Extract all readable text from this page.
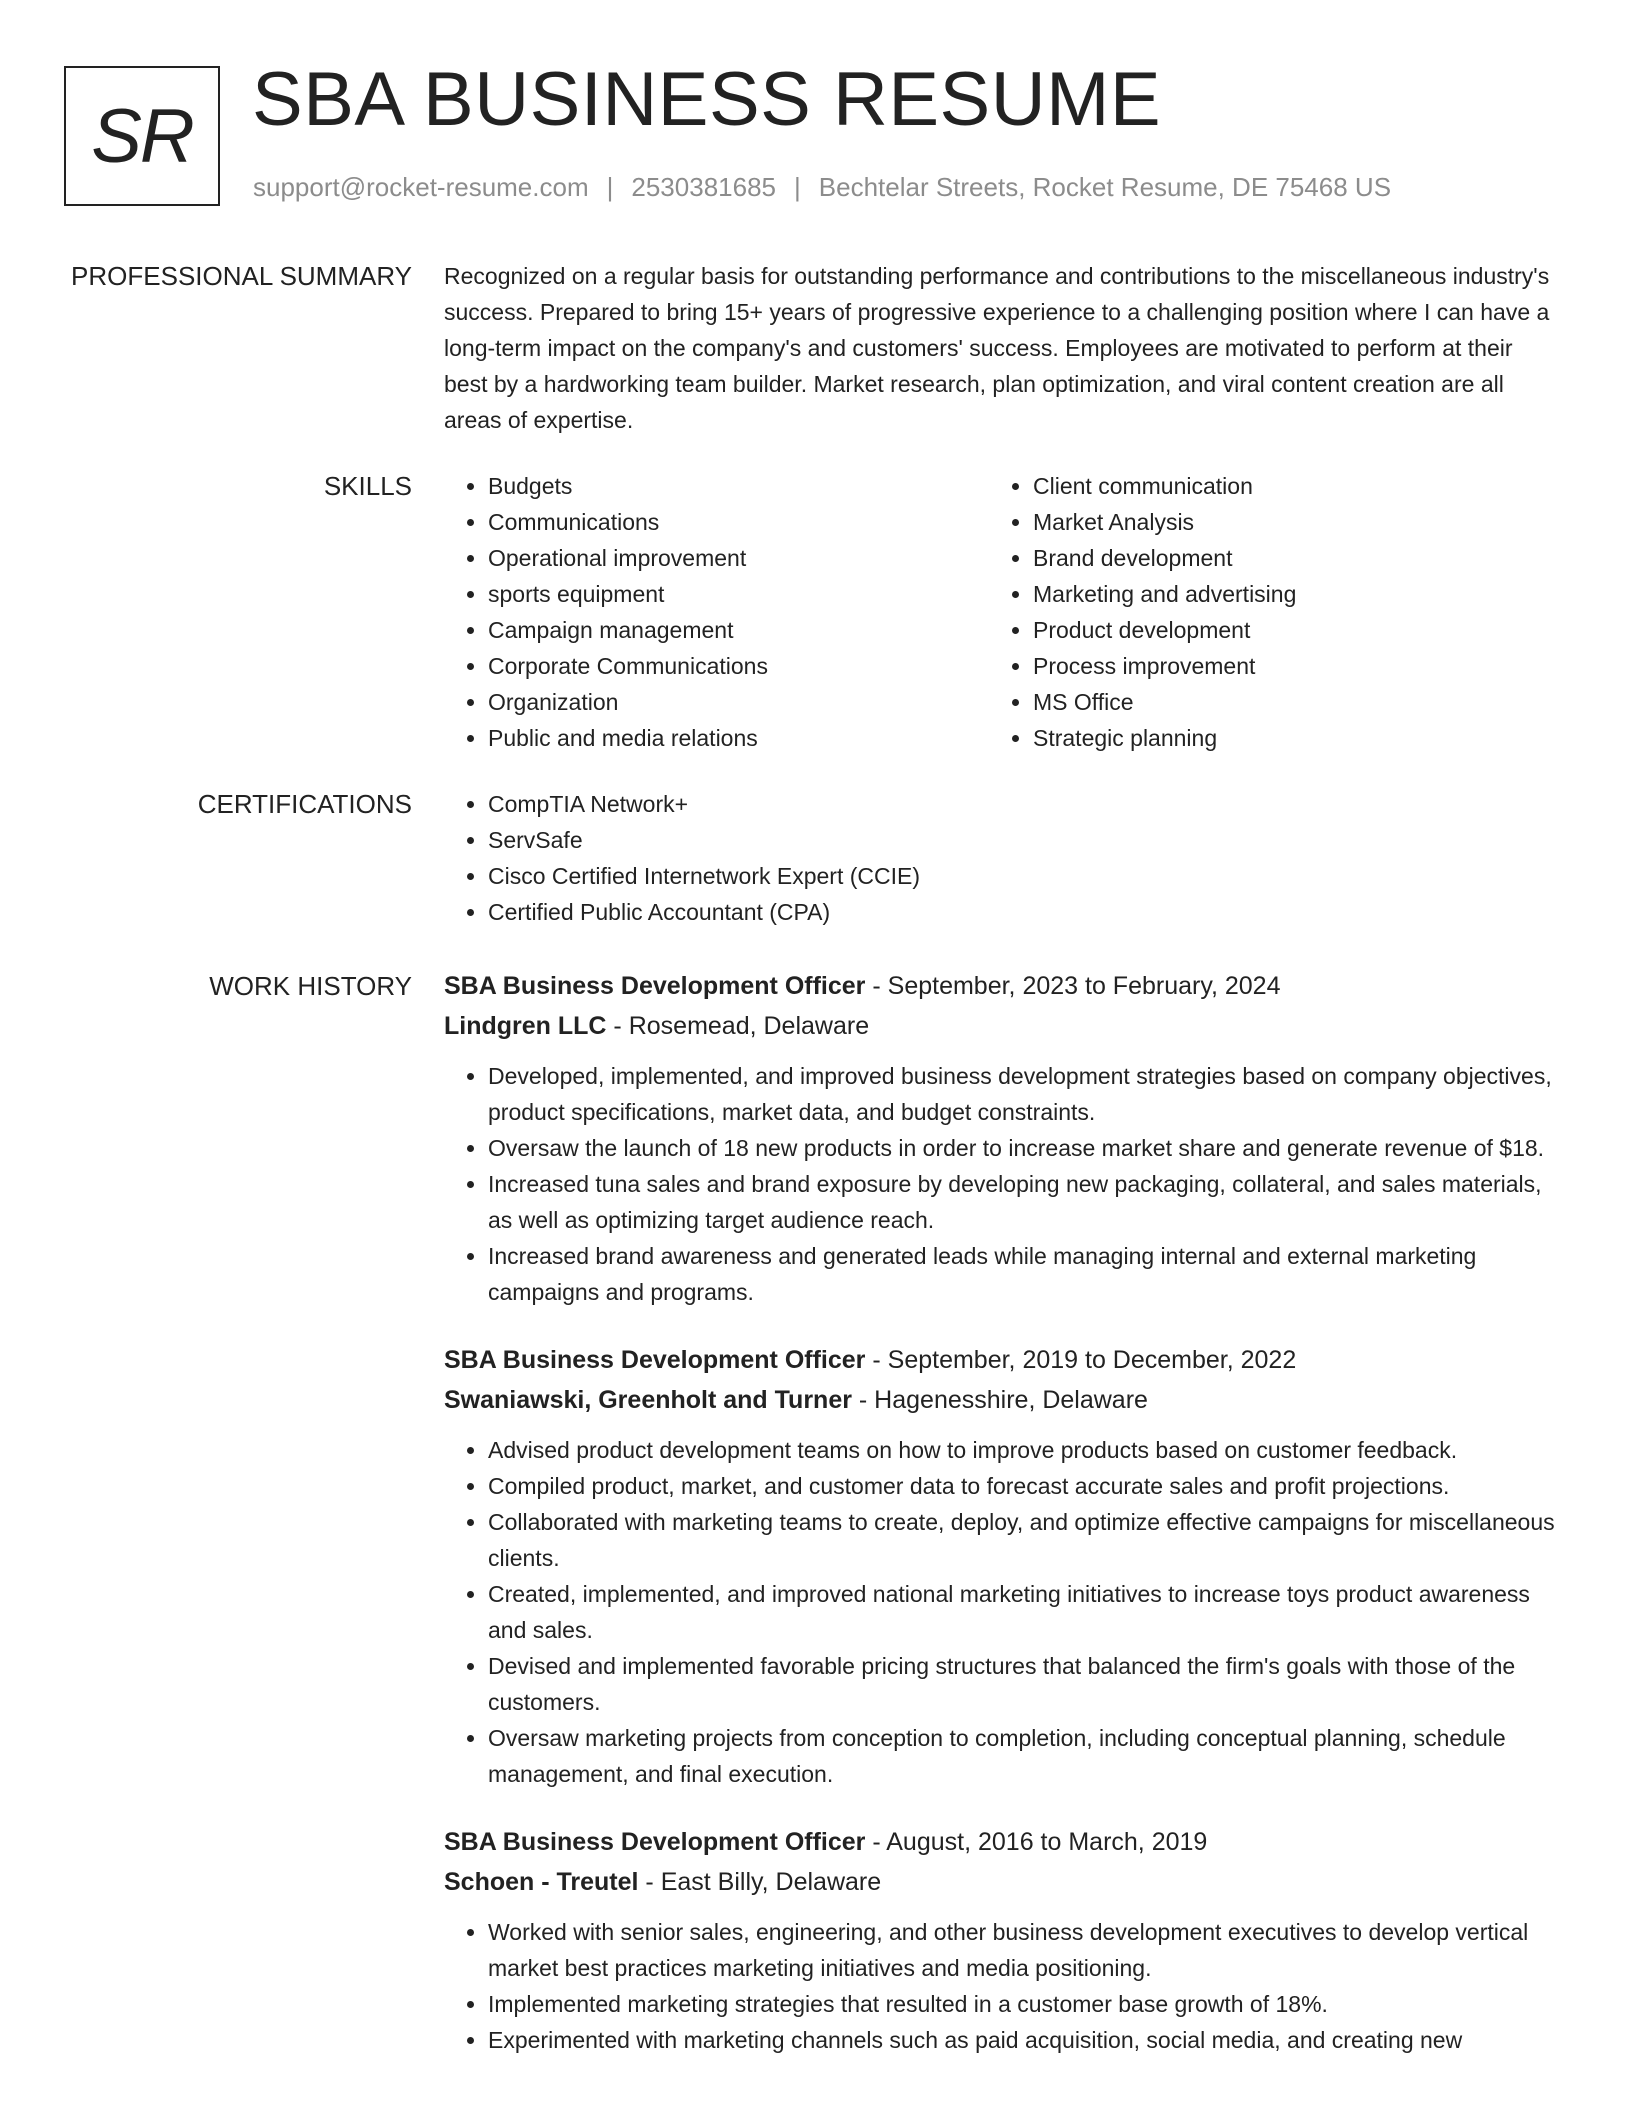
SR SBA BUSINESS RESUME
support@rocket-resume.com | 2530381685 | Bechtelar Streets, Rocket Resume, DE 75468 US
PROFESSIONAL SUMMARY Recognized on a regular basis for outstanding performance and contributions to the miscellaneous industry's success. Prepared to bring 15+ years of progressive experience to a challenging position where I can have a long-term impact on the company's and customers' success. Employees are motivated to perform at their best by a hardworking team builder. Market research, plan optimization, and viral content creation are all areas of expertise.
SKILLS	• Budgets
• Communications
• Operational improvement
• sports equipment
• Campaign management
• Corporate Communications
• Organization
• Public and media relations
• Client communication
• Market Analysis
• Brand development
• Marketing and advertising
• Product development
• Process improvement
• MS Office
• Strategic planning
CERTIFICATIONS	• CompTIA Network+
• ServSafe
• Cisco Certified Internetwork Expert (CCIE)
• Certified Public Accountant (CPA)
WORK HISTORY SBA Business Development Officer - September, 2023 to February, 2024
Lindgren LLC - Rosemead, Delaware
• Developed, implemented, and improved business development strategies based on company objectives, product specifications, market data, and budget constraints.
• Oversaw the launch of 18 new products in order to increase market share and generate revenue of $18.
• Increased tuna sales and brand exposure by developing new packaging, collateral, and sales materials, as well as optimizing target audience reach.
• Increased brand awareness and generated leads while managing internal and external marketing campaigns and programs.
SBA Business Development Officer - September, 2019 to December, 2022
Swaniawski, Greenholt and Turner - Hagenesshire, Delaware
• Advised product development teams on how to improve products based on customer feedback.
• Compiled product, market, and customer data to forecast accurate sales and profit projections.
• Collaborated with marketing teams to create, deploy, and optimize effective campaigns for miscellaneous clients.
• Created, implemented, and improved national marketing initiatives to increase toys product awareness and sales.
• Devised and implemented favorable pricing structures that balanced the firm's goals with those of the customers.
• Oversaw marketing projects from conception to completion, including conceptual planning, schedule management, and final execution.
SBA Business Development Officer - August, 2016 to March, 2019
Schoen - Treutel - East Billy, Delaware
• Worked with senior sales, engineering, and other business development executives to develop vertical market best practices marketing initiatives and media positioning.
• Implemented marketing strategies that resulted in a customer base growth of 18%.
• Experimented with marketing channels such as paid acquisition, social media, and creating new
